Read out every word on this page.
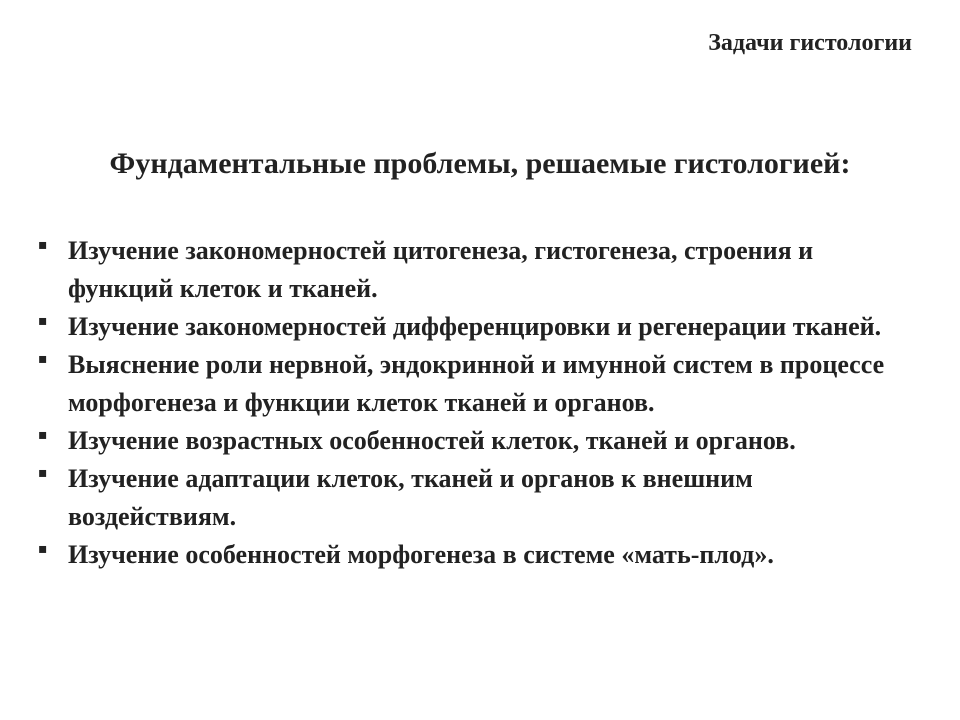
Задачи гистологии
Фундаментальные проблемы, решаемые гистологией:
▪ Изучение закономерностей цитогенеза, гистогенеза, строения и функций клеток и тканей.
▪ Изучение закономерностей дифференцировки и регенерации тканей.
▪ Выяснение роли нервной, эндокринной и имунной систем в процессе морфогенеза и функции клеток тканей и органов.
▪ Изучение возрастных особенностей клеток, тканей и органов.
▪ Изучение адаптации клеток, тканей и органов к внешним воздействиям.
▪ Изучение особенностей морфогенеза в системе «мать-плод».
